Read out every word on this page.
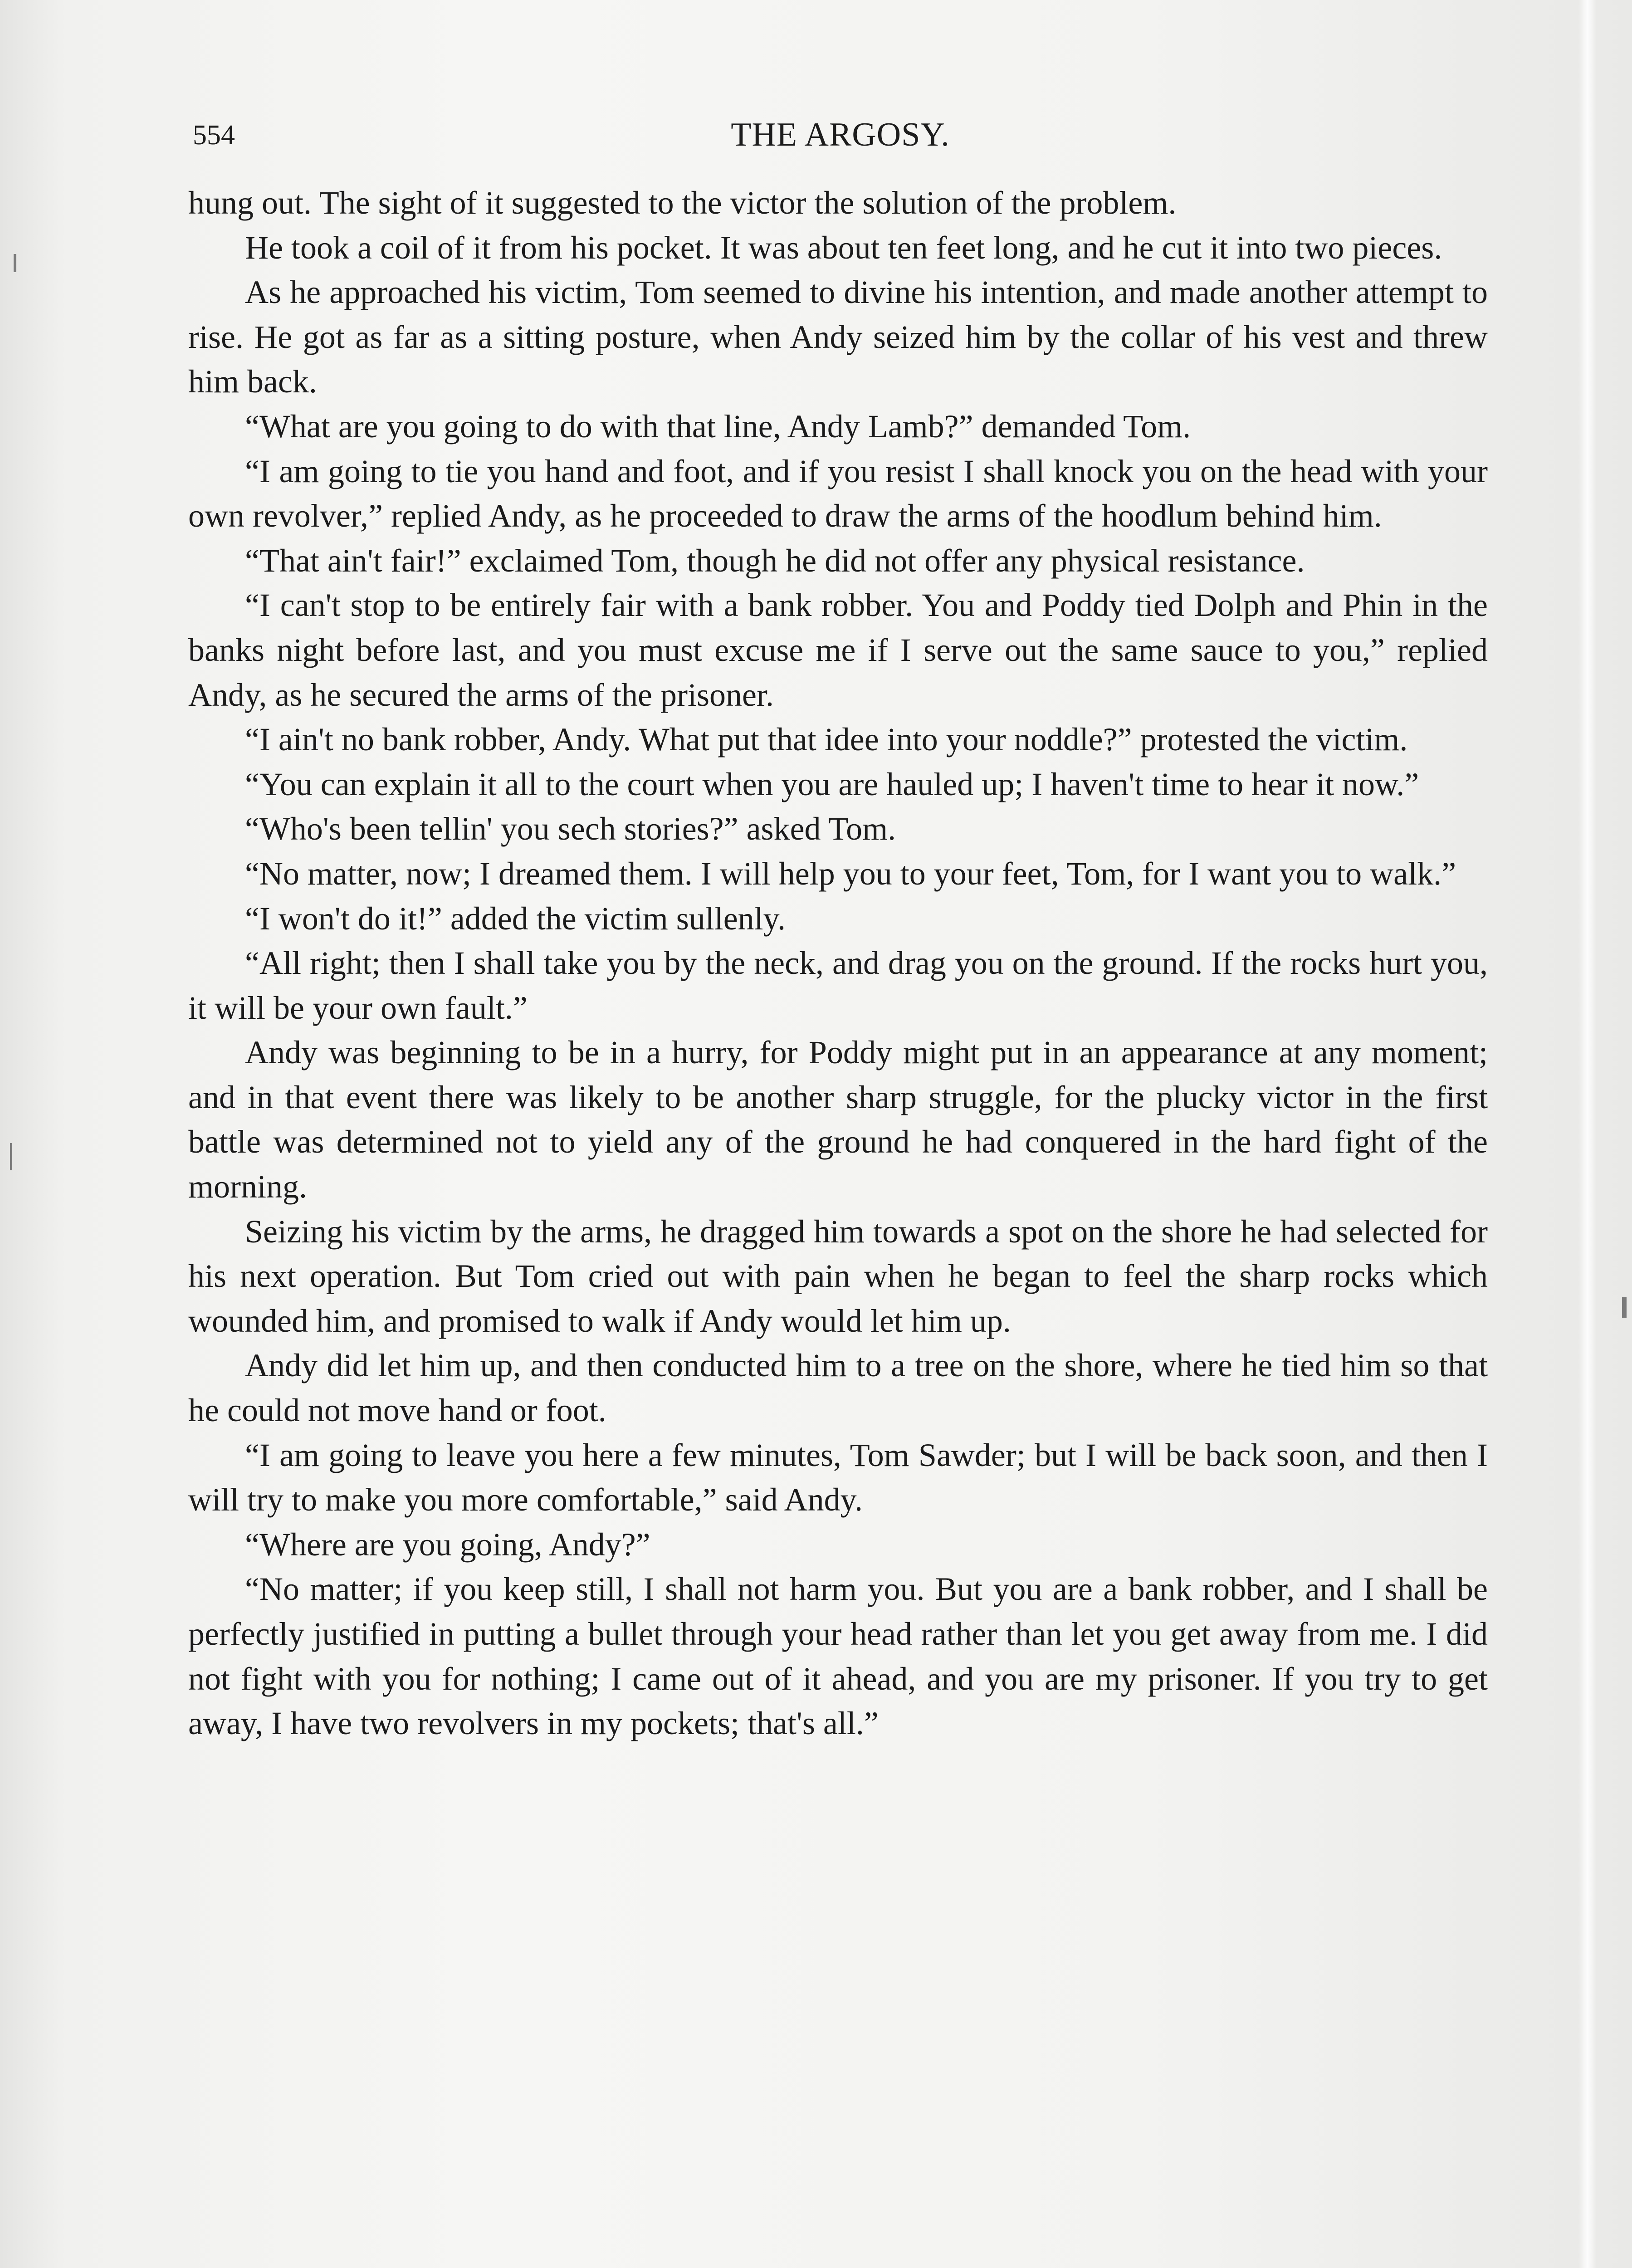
554	THE ARGOSY.

hung out. The sight of it suggested to the victor the solution of the problem.

He took a coil of it from his pocket. It was about ten feet long, and he cut it into two pieces.

As he approached his victim, Tom seemed to divine his intention, and made another attempt to rise. He got as far as a sitting posture, when Andy seized him by the collar of his vest and threw him back.

“What are you going to do with that line, Andy Lamb?” demanded Tom.

“I am going to tie you hand and foot, and if you resist I shall knock you on the head with your own revolver,” replied Andy, as he proceeded to draw the arms of the hoodlum behind him.

“That ain't fair!” exclaimed Tom, though he did not offer any physical resistance.

“I can't stop to be entirely fair with a bank robber. You and Poddy tied Dolph and Phin in the banks night before last, and you must excuse me if I serve out the same sauce to you,” replied Andy, as he secured the arms of the prisoner.

“I ain't no bank robber, Andy. What put that idee into your noddle?” protested the victim.

“You can explain it all to the court when you are hauled up; I haven't time to hear it now.”

“Who's been tellin' you sech stories?” asked Tom.

“No matter, now; I dreamed them. I will help you to your feet, Tom, for I want you to walk.”

“I won't do it!” added the victim sullenly.

“All right; then I shall take you by the neck, and drag you on the ground. If the rocks hurt you, it will be your own fault.”

Andy was beginning to be in a hurry, for Poddy might put in an appearance at any moment; and in that event there was likely to be another sharp struggle, for the plucky victor in the first battle was determined not to yield any of the ground he had conquered in the hard fight of the morning.

Seizing his victim by the arms, he dragged him towards a spot on the shore he had selected for his next operation. But Tom cried out with pain when he began to feel the sharp rocks which wounded him, and promised to walk if Andy would let him up.

Andy did let him up, and then conducted him to a tree on the shore, where he tied him so that he could not move hand or foot.

“I am going to leave you here a few minutes, Tom Sawder; but I will be back soon, and then I will try to make you more comfortable,” said Andy.

“Where are you going, Andy?”

“No matter; if you keep still, I shall not harm you. But you are a bank robber, and I shall be perfectly justified in putting a bullet through your head rather than let you get away from me. I did not fight with you for nothing; I came out of it ahead, and you are my prisoner. If you try to get away, I have two revolvers in my pockets; that's all.”
